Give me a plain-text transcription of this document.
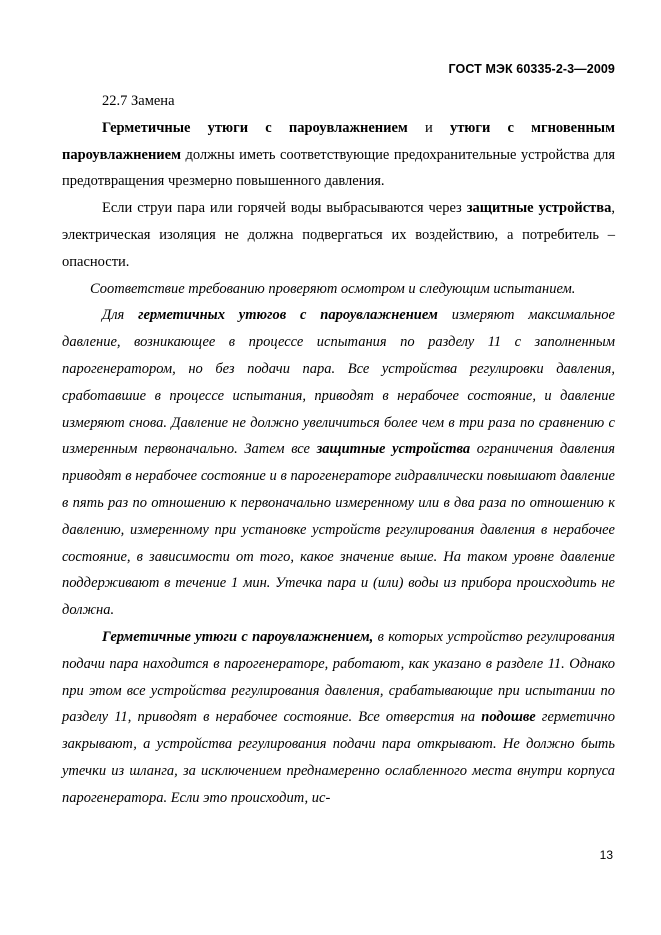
ГОСТ МЭК 60335-2-3—2009

22.7 Замена

Герметичные утюги с пароувлажнением и утюги с мгновенным пароувлажнением должны иметь соответствующие предохранительные устройства для предотвращения чрезмерно повышенного давления.

Если струи пара или горячей воды выбрасываются через защитные устройства, электрическая изоляция не должна подвергаться их воздействию, а потребитель – опасности.

Соответствие требованию проверяют осмотром и следующим испытанием.

Для герметичных утюгов с пароувлажнением измеряют максимальное давление, возникающее в процессе испытания по разделу 11 с заполненным парогенератором, но без подачи пара. Все устройства регулировки давления, сработавшие в процессе испытания, приводят в нерабочее состояние, и давление измеряют снова. Давление не должно увеличиться более чем в три раза по сравнению с измеренным первоначально. Затем все защитные устройства ограничения давления приводят в нерабочее состояние и в парогенераторе гидравлически повышают давление в пять раз по отношению к первоначально измеренному или в два раза по отношению к давлению, измеренному при установке устройств регулирования давления в нерабочее состояние, в зависимости от того, какое значение выше. На таком уровне давление поддерживают в течение 1 мин. Утечка пара и (или) воды из прибора происходить не должна.

Герметичные утюги с пароувлажнением, в которых устройство регулирования подачи пара находится в парогенераторе, работают, как указано в разделе 11. Однако при этом все устройства регулирования давления, срабатывающие при испытании по разделу 11, приводят в нерабочее состояние. Все отверстия на подошве герметично закрывают, а устройства регулирования подачи пара открывают. Не должно быть утечки из шланга, за исключением преднамеренно ослабленного места внутри корпуса парогенератора. Если это происходит, ис-

13
